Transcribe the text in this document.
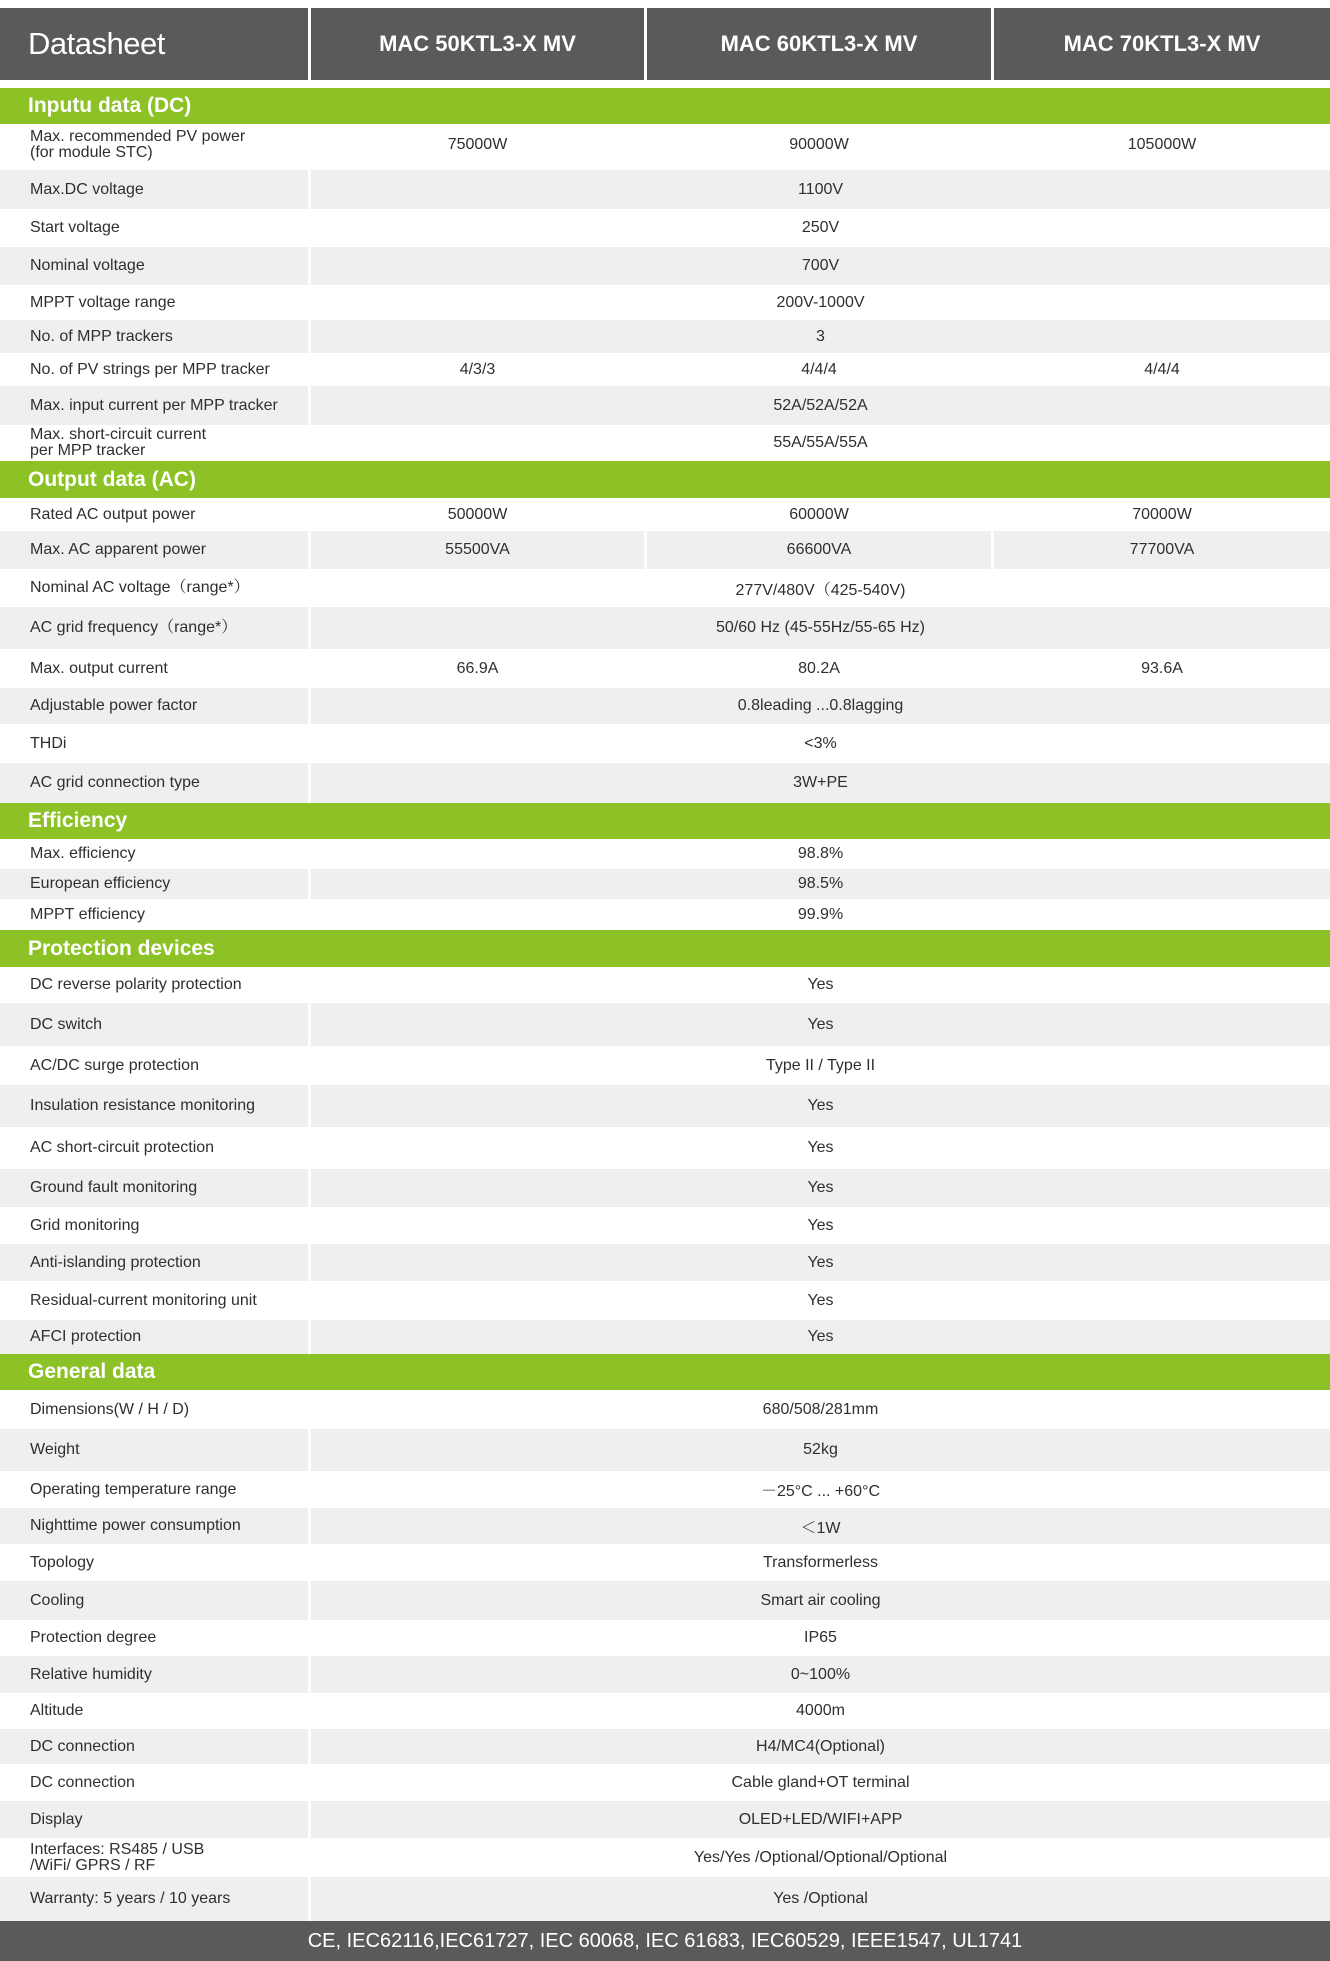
Datasheet	MAC 50KTL3-X MV	MAC 60KTL3-X MV	MAC 70KTL3-X MV
Inputu data (DC)
Max. recommended PV power
(for module STC)	75000W	90000W	105000W
Max.DC voltage	1100V
Start voltage	250V
Nominal voltage	700V
MPPT voltage range	200V-1000V
No. of MPP trackers	3
No. of PV strings per MPP tracker	4/3/3	4/4/4	4/4/4
Max. input current per MPP tracker	52A/52A/52A
Max. short-circuit current
per MPP tracker	55A/55A/55A
Output data (AC)
Rated AC output power	50000W	60000W	70000W
Max. AC apparent power	55500VA	66600VA	77700VA
Nominal AC voltage（range*）	277V/480V（425-540V)
AC grid frequency（range*）	50/60 Hz (45-55Hz/55-65 Hz)
Max. output current	66.9A	80.2A	93.6A
Adjustable power factor	0.8leading ...0.8lagging
THDi	<3%
AC grid connection type	3W+PE
Efficiency
Max. efficiency	98.8%
European efficiency	98.5%
MPPT efficiency	99.9%
Protection devices
DC reverse polarity protection	Yes
DC switch	Yes
AC/DC surge protection	Type II / Type II
Insulation resistance monitoring	Yes
AC short-circuit protection	Yes
Ground fault monitoring	Yes
Grid monitoring	Yes
Anti-islanding protection	Yes
Residual-current monitoring unit	Yes
AFCI protection	Yes
General data
Dimensions(W / H / D)	680/508/281mm
Weight	52kg
Operating temperature range	－25°C ... +60°C
Nighttime power consumption	＜1W
Topology	Transformerless
Cooling	Smart air cooling
Protection degree	IP65
Relative humidity	0~100%
Altitude	4000m
DC connection	H4/MC4(Optional)
DC connection	Cable gland+OT terminal
Display	OLED+LED/WIFI+APP
Interfaces: RS485 / USB
/WiFi/ GPRS / RF	Yes/Yes /Optional/Optional/Optional
Warranty: 5 years / 10 years	Yes /Optional
CE, IEC62116,IEC61727, IEC 60068, IEC 61683, IEC60529, IEEE1547, UL1741
